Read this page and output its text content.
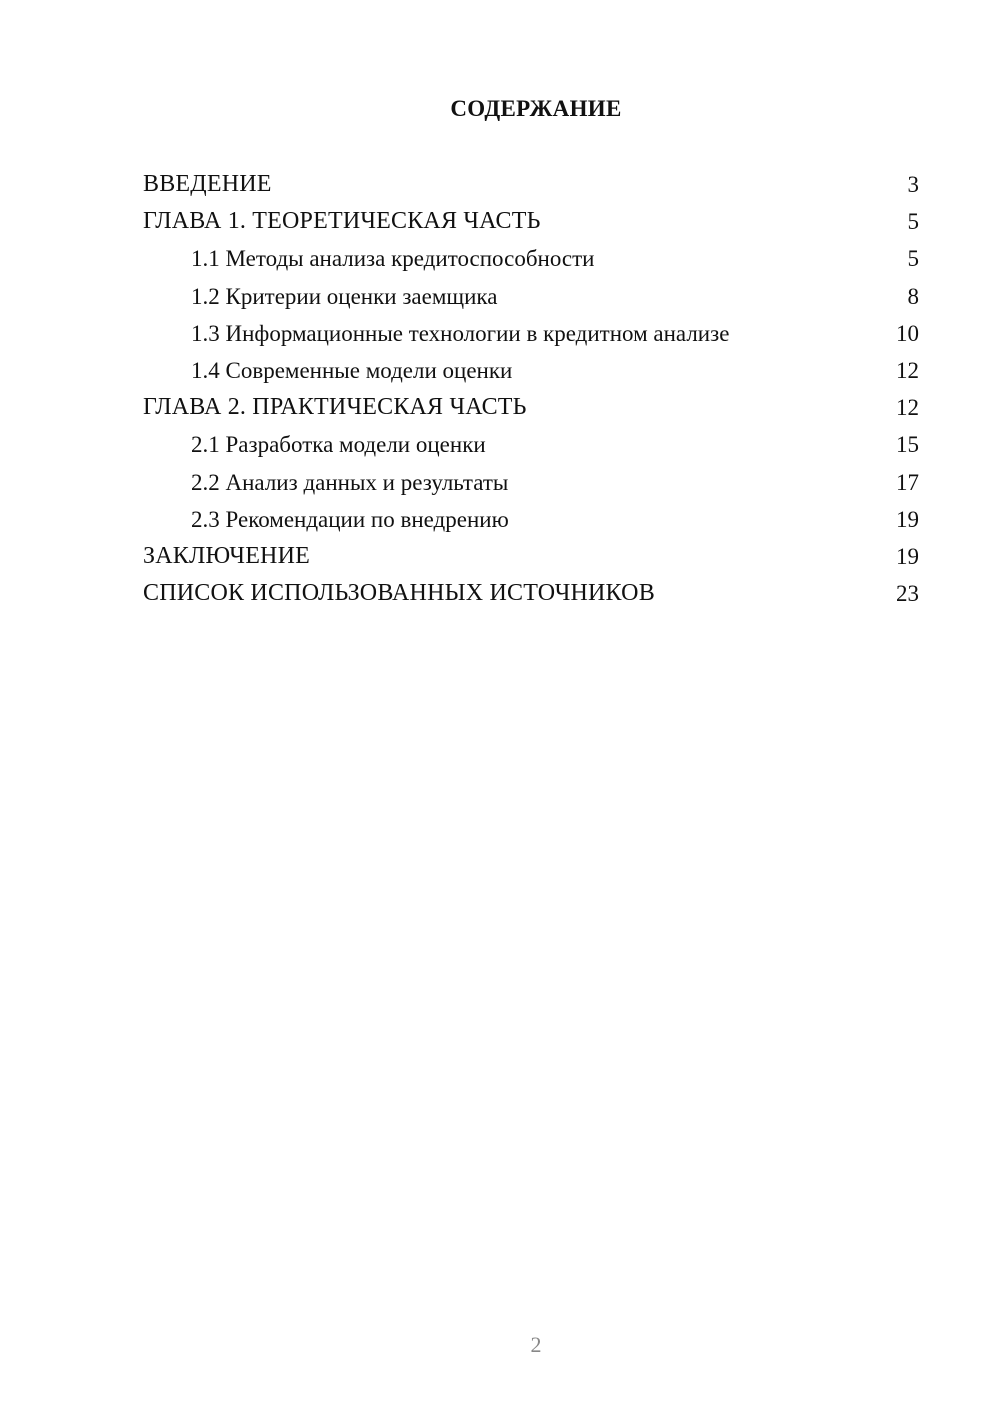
СОДЕРЖАНИЕ
ВВЕДЕНИЕ	3
ГЛАВА 1. ТЕОРЕТИЧЕСКАЯ ЧАСТЬ	5
1.1 Методы анализа кредитоспособности	5
1.2 Критерии оценки заемщика	8
1.3 Информационные технологии в кредитном анализе	10
1.4 Современные модели оценки	12
ГЛАВА 2. ПРАКТИЧЕСКАЯ ЧАСТЬ	12
2.1 Разработка модели оценки	15
2.2 Анализ данных и результаты	17
2.3 Рекомендации по внедрению	19
ЗАКЛЮЧЕНИЕ	19
СПИСОК ИСПОЛЬЗОВАННЫХ ИСТОЧНИКОВ	23
2
